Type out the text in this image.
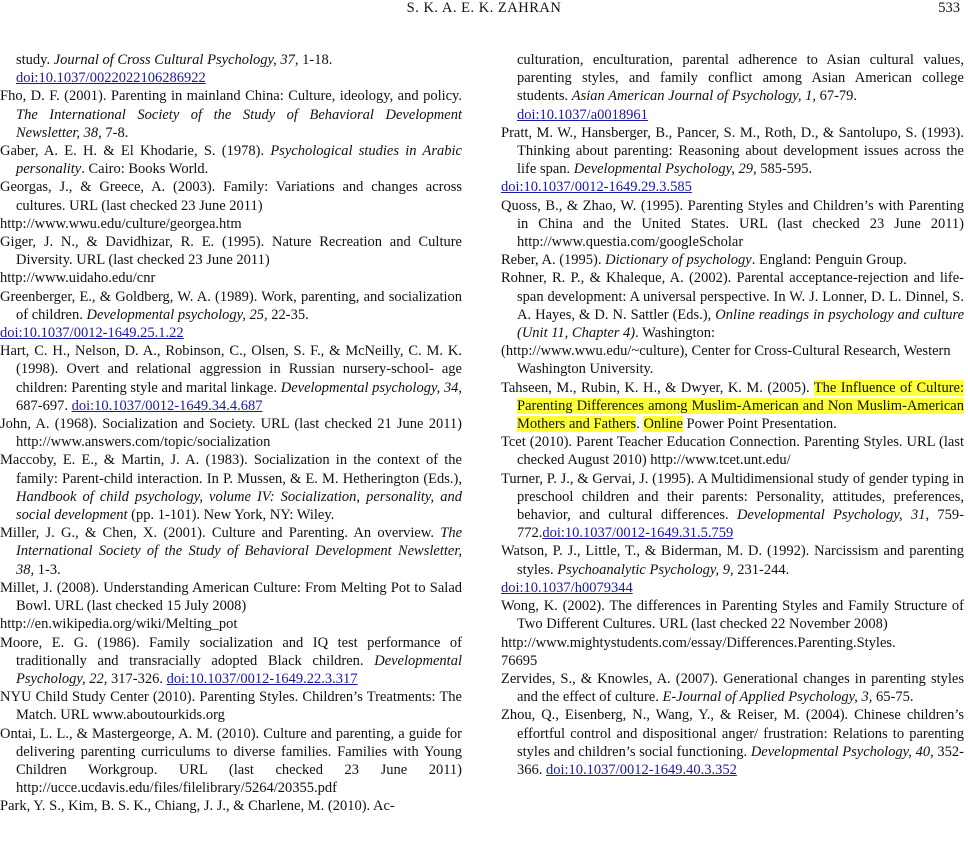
S. K. A. E. K. ZAHRAN	533

study. Journal of Cross Cultural Psychology, 37, 1-18.
doi:10.1037/0022022106286922

Fho, D. F. (2001). Parenting in mainland China: Culture, ideology, and policy. The International Society of the Study of Behavioral Development Newsletter, 38, 7-8.

Gaber, A. E. H. & El Khodarie, S. (1978). Psychological studies in Arabic personality. Cairo: Books World.

Georgas, J., & Greece, A. (2003). Family: Variations and changes across cultures. URL (last checked 23 June 2011)
http://www.wwu.edu/culture/georgea.htm

Giger, J. N., & Davidhizar, R. E. (1995). Nature Recreation and Culture Diversity. URL (last checked 23 June 2011)
http://www.uidaho.edu/cnr

Greenberger, E., & Goldberg, W. A. (1989). Work, parenting, and socialization of children. Developmental psychology, 25, 22-35.
doi:10.1037/0012-1649.25.1.22

Hart, C. H., Nelson, D. A., Robinson, C., Olsen, S. F., & McNeilly, C. M. K. (1998). Overt and relational aggression in Russian nursery-school- age children: Parenting style and marital linkage. Developmental psychology, 34, 687-697. doi:10.1037/0012-1649.34.4.687

John, A. (1968). Socialization and Society. URL (last checked 21 June 2011) http://www.answers.com/topic/socialization

Maccoby, E. E., & Martin, J. A. (1983). Socialization in the context of the family: Parent-child interaction. In P. Mussen, & E. M. Hetherington (Eds.), Handbook of child psychology, volume IV: Socialization, personality, and social development (pp. 1-101). New York, NY: Wiley.

Miller, J. G., & Chen, X. (2001). Culture and Parenting. An overview. The International Society of the Study of Behavioral Development Newsletter, 38, 1-3.

Millet, J. (2008). Understanding American Culture: From Melting Pot to Salad Bowl. URL (last checked 15 July 2008)
http://en.wikipedia.org/wiki/Melting_pot

Moore, E. G. (1986). Family socialization and IQ test performance of traditionally and transracially adopted Black children. Developmental Psychology, 22, 317-326. doi:10.1037/0012-1649.22.3.317

NYU Child Study Center (2010). Parenting Styles. Children’s Treatments: The Match. URL www.aboutourkids.org

Ontai, L. L., & Mastergeorge, A. M. (2010). Culture and parenting, a guide for delivering parenting curriculums to diverse families. Families with Young Children Workgroup. URL (last checked 23 June 2011) http://ucce.ucdavis.edu/files/filelibrary/5264/20355.pdf

Park, Y. S., Kim, B. S. K., Chiang, J. J., & Charlene, M. (2010). Ac-

culturation, enculturation, parental adherence to Asian cultural values, parenting styles, and family conflict among Asian American college students. Asian American Journal of Psychology, 1, 67-79.
doi:10.1037/a0018961

Pratt, M. W., Hansberger, B., Pancer, S. M., Roth, D., & Santolupo, S. (1993). Thinking about parenting: Reasoning about development issues across the life span. Developmental Psychology, 29, 585-595.
doi:10.1037/0012-1649.29.3.585

Quoss, B., & Zhao, W. (1995). Parenting Styles and Children’s with Parenting in China and the United States. URL (last checked 23 June 2011) http://www.questia.com/googleScholar

Reber, A. (1995). Dictionary of psychology. England: Penguin Group.

Rohner, R. P., & Khaleque, A. (2002). Parental acceptance-rejection and life-span development: A universal perspective. In W. J. Lonner, D. L. Dinnel, S. A. Hayes, & D. N. Sattler (Eds.), Online readings in psychology and culture (Unit 11, Chapter 4). Washington:
(http://www.wwu.edu/~culture), Center for Cross-Cultural Research, Western Washington University.

Tahseen, M., Rubin, K. H., & Dwyer, K. M. (2005). The Influence of Culture: Parenting Differences among Muslim-American and Non Muslim-American Mothers and Fathers. Online Power Point Presentation.

Tcet (2010). Parent Teacher Education Connection. Parenting Styles. URL (last checked August 2010) http://www.tcet.unt.edu/

Turner, P. J., & Gervai, J. (1995). A Multidimensional study of gender typing in preschool children and their parents: Personality, attitudes, preferences, behavior, and cultural differences. Developmental Psychology, 31, 759-772.doi:10.1037/0012-1649.31.5.759

Watson, P. J., Little, T., & Biderman, M. D. (1992). Narcissism and parenting styles. Psychoanalytic Psychology, 9, 231-244.
doi:10.1037/h0079344

Wong, K. (2002). The differences in Parenting Styles and Family Structure of Two Different Cultures. URL (last checked 22 November 2008)
http://www.mightystudents.com/essay/Differences.Parenting.Styles.
76695

Zervides, S., & Knowles, A. (2007). Generational changes in parenting styles and the effect of culture. E-Journal of Applied Psychology, 3, 65-75.

Zhou, Q., Eisenberg, N., Wang, Y., & Reiser, M. (2004). Chinese children’s effortful control and dispositional anger/ frustration: Relations to parenting styles and children’s social functioning. Developmental Psychology, 40, 352-366. doi:10.1037/0012-1649.40.3.352
